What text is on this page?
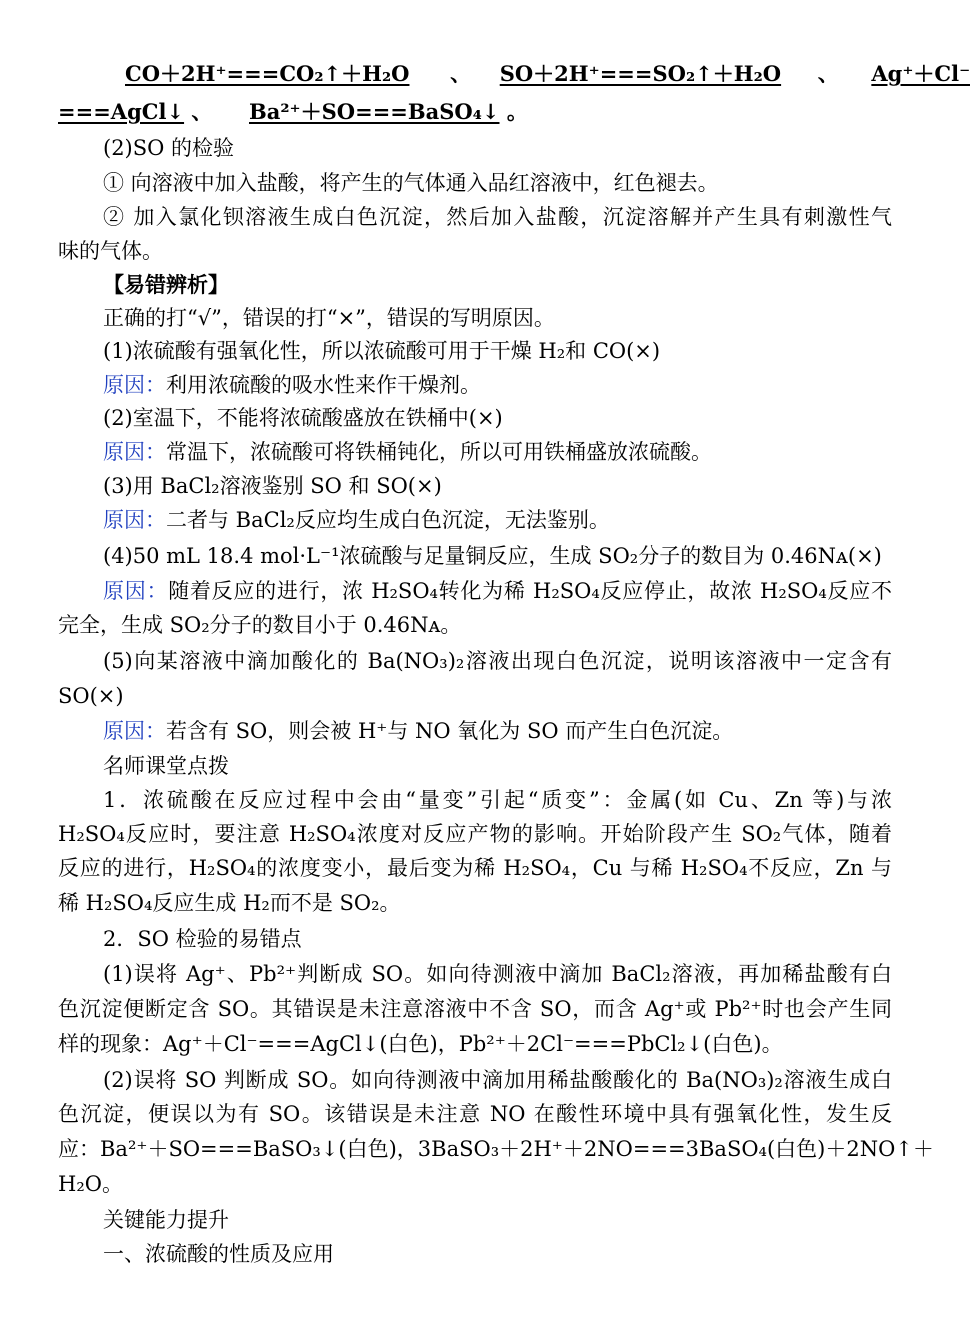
CO＋2H⁺===CO₂↑＋H₂O 、 SO＋2H⁺===SO₂↑＋H₂O 、 Ag⁺＋Cl⁻
===AgCl↓ 、 Ba²⁺＋SO===BaSO₄↓ 。
(2)SO 的检验
① 向溶液中加入盐酸，将产生的气体通入品红溶液中，红色褪去。
② 加入氯化钡溶液生成白色沉淀，然后加入盐酸，沉淀溶解并产生具有刺激性气
味的气体。
【易错辨析】
正确的打“√”，错误的打“×”，错误的写明原因。
(1)浓硫酸有强氧化性，所以浓硫酸可用于干燥 H₂和 CO(×)
原因：利用浓硫酸的吸水性来作干燥剂。
(2)室温下，不能将浓硫酸盛放在铁桶中(×)
原因：常温下，浓硫酸可将铁桶钝化，所以可用铁桶盛放浓硫酸。
(3)用 BaCl₂溶液鉴别 SO 和 SO(×)
原因：二者与 BaCl₂反应均生成白色沉淀，无法鉴别。
(4)50 mL 18.4 mol·L⁻¹浓硫酸与足量铜反应，生成 SO₂分子的数目为 0.46Nᴀ(×)
原因：随着反应的进行，浓 H₂SO₄转化为稀 H₂SO₄反应停止，故浓 H₂SO₄反应不
完全，生成 SO₂分子的数目小于 0.46Nᴀ。
(5)向某溶液中滴加酸化的 Ba(NO₃)₂溶液出现白色沉淀，说明该溶液中一定含有
SO(×)
原因：若含有 SO，则会被 H⁺与 NO 氧化为 SO 而产生白色沉淀。
名师课堂点拨
1．浓硫酸在反应过程中会由“量变”引起“质变”：金属(如 Cu、Zn 等)与浓
H₂SO₄反应时，要注意 H₂SO₄浓度对反应产物的影响。开始阶段产生 SO₂气体，随着
反应的进行，H₂SO₄的浓度变小，最后变为稀 H₂SO₄，Cu 与稀 H₂SO₄不反应，Zn 与
稀 H₂SO₄反应生成 H₂而不是 SO₂。
2．SO 检验的易错点
(1)误将 Ag⁺、Pb²⁺判断成 SO。如向待测液中滴加 BaCl₂溶液，再加稀盐酸有白
色沉淀便断定含 SO。其错误是未注意溶液中不含 SO，而含 Ag⁺或 Pb²⁺时也会产生同
样的现象：Ag⁺＋Cl⁻===AgCl↓(白色)，Pb²⁺＋2Cl⁻===PbCl₂↓(白色)。
(2)误将 SO 判断成 SO。如向待测液中滴加用稀盐酸酸化的 Ba(NO₃)₂溶液生成白
色沉淀，便误以为有 SO。该错误是未注意 NO 在酸性环境中具有强氧化性，发生反
应：Ba²⁺＋SO===BaSO₃↓(白色)，3BaSO₃＋2H⁺＋2NO===3BaSO₄(白色)＋2NO↑＋
H₂O。
关键能力提升
一、浓硫酸的性质及应用
